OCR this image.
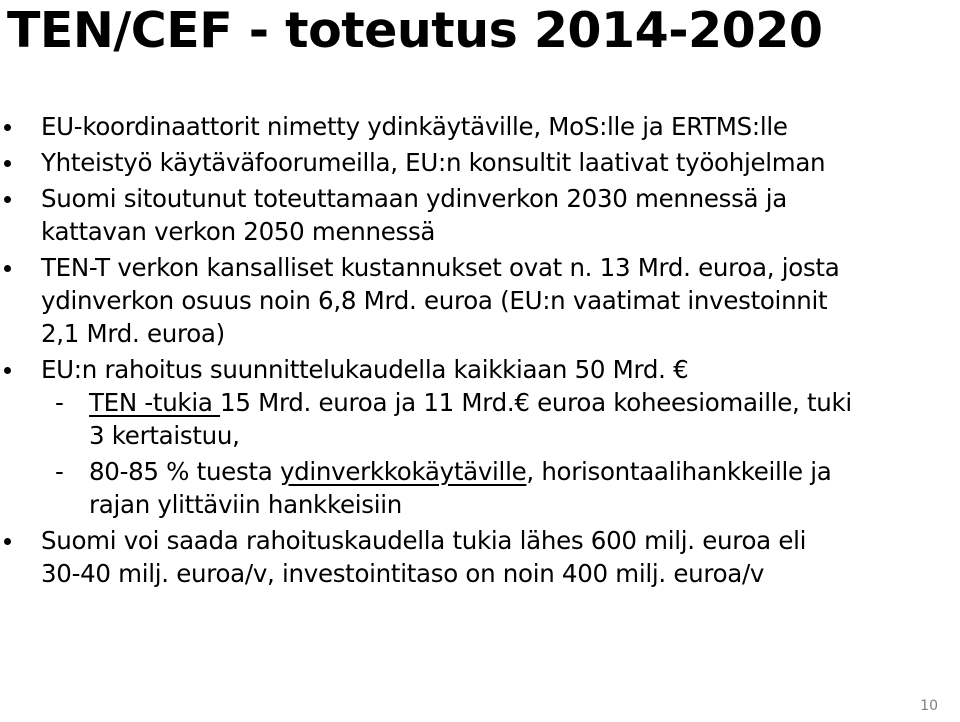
TEN/CEF - toteutus 2014-2020
EU-koordinaattorit nimetty ydinkäytäville, MoS:lle ja ERTMS:lle
Yhteistyö käytäväfoorumeilla, EU:n konsultit laativat työohjelman
Suomi sitoutunut toteuttamaan ydinverkon 2030 mennessä ja
kattavan verkon 2050 mennessä
TEN-T verkon kansalliset kustannukset ovat n. 13 Mrd. euroa, josta
ydinverkon osuus noin 6,8 Mrd. euroa (EU:n vaatimat investoinnit
2,1 Mrd. euroa)
EU:n rahoitus suunnittelukaudella kaikkiaan 50 Mrd. €
- TEN -tukia 15 Mrd. euroa ja 11 Mrd.€ euroa koheesiomaille, tuki
3 kertaistuu,
- 80-85 % tuesta ydinverkkokäytäville, horisontaalihankkeille ja
rajan ylittäviin hankkeisiin
Suomi voi saada rahoituskaudella tukia lähes 600 milj. euroa eli
30-40 milj. euroa/v, investointitaso on noin 400 milj. euroa/v
10
